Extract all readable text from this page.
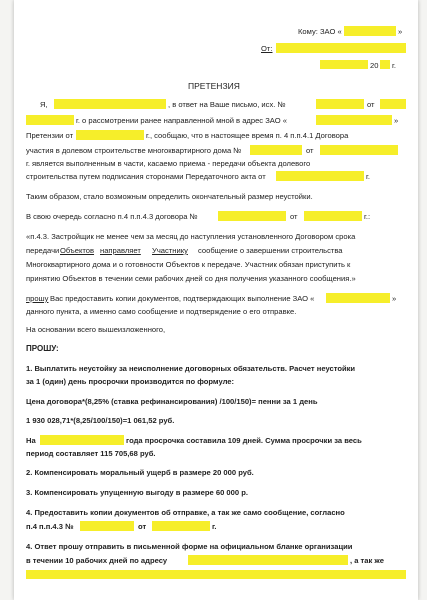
Кому: ЗАО «	»
От:
20 г.
ПРЕТЕНЗИЯ
Я,	, в ответ на Ваше письмо, исх. №	от
г. о рассмотрении ранее направленной мной в адрес ЗАО «	»
Претензии от	г., сообщаю, что в настоящее время п. 4 п.п.4.1 Договора
участия в долевом строительстве многоквартирного дома №	от
г. является выполненным в части, касаемо приема - передачи объекта долевого
строительства путем подписания сторонами Передаточного акта от	г.
Таким образом, стало возможным определить окончательный размер неустойки.
В свою очередь согласно п.4 п.п.4.3 договора №	от	г.:
«п.4.3. Застройщик не менее чем за месяц до наступления установленного Договором срока
передачи Объектов направляет Участнику сообщение о завершении строительства
Многоквартирного дома и о готовности Объектов к передаче. Участник обязан приступить к
принятию Объектов в течении семи рабочих дней со дня получения указанного сообщения.»
прошу Вас предоставить копии документов, подтверждающих выполнение ЗАО «	»
данного пункта, а именно само сообщение и подтверждение о его отправке.
На основании всего вышеизложенного,
ПРОШУ:
1. Выплатить неустойку за неисполнение договорных обязательств. Расчет неустойки
за 1 (один) день просрочки производится по формуле:
Цена договора*(8,25% (ставка рефинансирования) /100/150)= пенни за 1 день
1 930 028,71*(8,25/100/150)=1 061,52 руб.
На	года просрочка составила 109 дней. Сумма просрочки за весь
период составляет 115 705,68 руб.
2. Компенсировать моральный ущерб в размере 20 000 руб.
3. Компенсировать упущенную выгоду в размере 60 000 р.
4. Предоставить копии документов об отправке, а так же само сообщение, согласно
п.4 п.п.4.3 №	от	г.
4. Ответ прошу отправить в письменной форме на официальном бланке организации
в течении 10 рабочих дней по адресу	, а так же
